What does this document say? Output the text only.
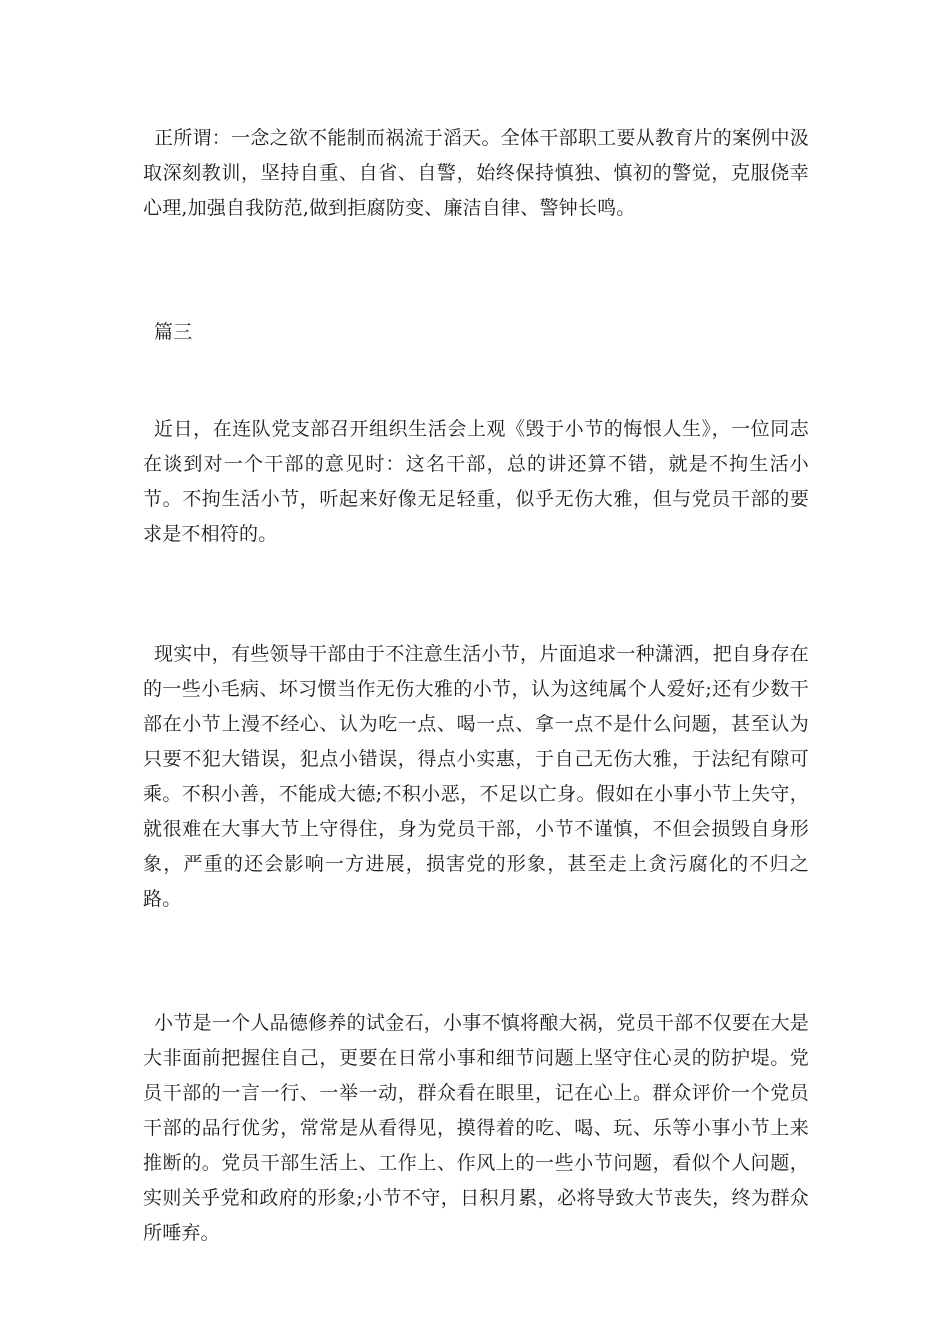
正所谓：一念之欲不能制而祸流于滔天。全体干部职工要从教育片的案例中汲取深刻教训，坚持自重、自省、自警，始终保持慎独、慎初的警觉，克服侥幸心理,加强自我防范,做到拒腐防变、廉洁自律、警钟长鸣。

篇三

近日，在连队党支部召开组织生活会上观《毁于小节的悔恨人生》，一位同志在谈到对一个干部的意见时：这名干部，总的讲还算不错，就是不拘生活小节。不拘生活小节，听起来好像无足轻重，似乎无伤大雅，但与党员干部的要求是不相符的。

现实中，有些领导干部由于不注意生活小节，片面追求一种潇洒，把自身存在的一些小毛病、坏习惯当作无伤大雅的小节，认为这纯属个人爱好;还有少数干部在小节上漫不经心、认为吃一点、喝一点、拿一点不是什么问题，甚至认为只要不犯大错误，犯点小错误，得点小实惠，于自己无伤大雅，于法纪有隙可乘。不积小善，不能成大德;不积小恶，不足以亡身。假如在小事小节上失守，就很难在大事大节上守得住，身为党员干部，小节不谨慎，不但会损毁自身形象，严重的还会影响一方进展，损害党的形象，甚至走上贪污腐化的不归之路。

小节是一个人品德修养的试金石，小事不慎将酿大祸，党员干部不仅要在大是大非面前把握住自己，更要在日常小事和细节问题上坚守住心灵的防护堤。党员干部的一言一行、一举一动，群众看在眼里，记在心上。群众评价一个党员干部的品行优劣，常常是从看得见，摸得着的吃、喝、玩、乐等小事小节上来推断的。党员干部生活上、工作上、作风上的一些小节问题，看似个人问题，实则关乎党和政府的形象;小节不守，日积月累，必将导致大节丧失，终为群众所唾弃。
